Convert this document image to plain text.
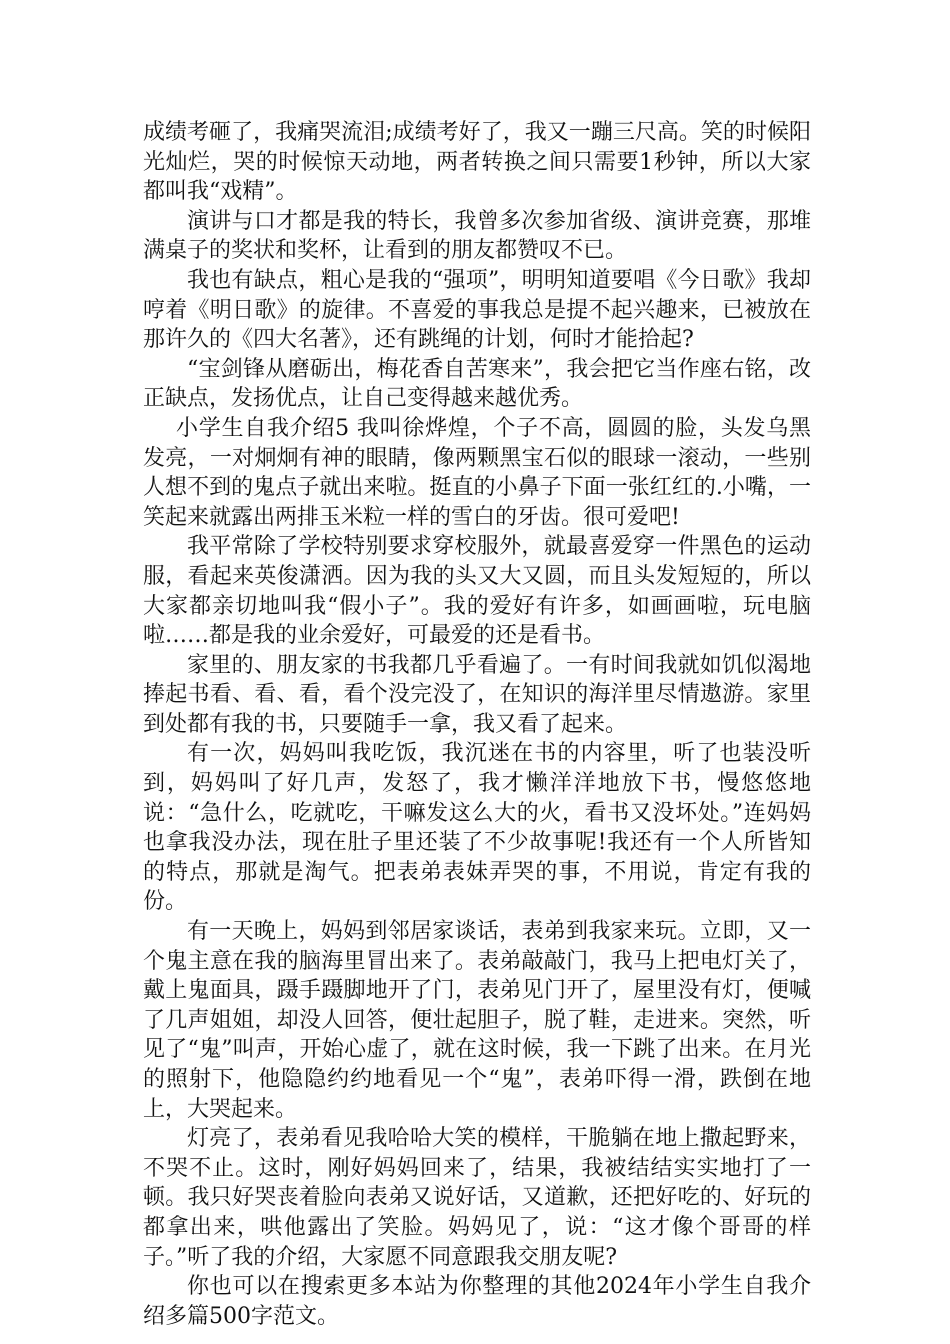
成绩考砸了，我痛哭流泪;成绩考好了，我又一蹦三尺高。笑的时候阳光灿烂，哭的时候惊天动地，两者转换之间只需要1秒钟，所以大家都叫我“戏精”。

演讲与口才都是我的特长，我曾多次参加省级、演讲竞赛，那堆满桌子的奖状和奖杯，让看到的朋友都赞叹不已。

我也有缺点，粗心是我的“强项”，明明知道要唱《今日歌》我却哼着《明日歌》的旋律。不喜爱的事我总是提不起兴趣来，已被放在那许久的《四大名著》，还有跳绳的计划，何时才能拾起?

“宝剑锋从磨砺出，梅花香自苦寒来”，我会把它当作座右铭，改正缺点，发扬优点，让自己变得越来越优秀。

小学生自我介绍5 我叫徐烨煌，个子不高，圆圆的脸，头发乌黑发亮，一对炯炯有神的眼睛，像两颗黑宝石似的眼球一滚动，一些别人想不到的鬼点子就出来啦。挺直的小鼻子下面一张红红的.小嘴，一笑起来就露出两排玉米粒一样的雪白的牙齿。很可爱吧!

我平常除了学校特别要求穿校服外，就最喜爱穿一件黑色的运动服，看起来英俊潇洒。因为我的头又大又圆，而且头发短短的，所以大家都亲切地叫我“假小子”。我的爱好有许多，如画画啦，玩电脑啦……都是我的业余爱好，可最爱的还是看书。

家里的、朋友家的书我都几乎看遍了。一有时间我就如饥似渴地捧起书看、看、看，看个没完没了，在知识的海洋里尽情遨游。家里到处都有我的书，只要随手一拿，我又看了起来。

有一次，妈妈叫我吃饭，我沉迷在书的内容里，听了也装没听到，妈妈叫了好几声，发怒了，我才懒洋洋地放下书，慢悠悠地说：“急什么，吃就吃，干嘛发这么大的火，看书又没坏处。”连妈妈也拿我没办法，现在肚子里还装了不少故事呢!我还有一个人所皆知的特点，那就是淘气。把表弟表妹弄哭的事，不用说，肯定有我的份。

有一天晚上，妈妈到邻居家谈话，表弟到我家来玩。立即，又一个鬼主意在我的脑海里冒出来了。表弟敲敲门，我马上把电灯关了，戴上鬼面具，蹑手蹑脚地开了门，表弟见门开了，屋里没有灯，便喊了几声姐姐，却没人回答，便壮起胆子，脱了鞋，走进来。突然，听见了“鬼”叫声，开始心虚了，就在这时候，我一下跳了出来。在月光的照射下，他隐隐约约地看见一个“鬼”，表弟吓得一滑，跌倒在地上，大哭起来。

灯亮了，表弟看见我哈哈大笑的模样，干脆躺在地上撒起野来，不哭不止。这时，刚好妈妈回来了，结果，我被结结实实地打了一顿。我只好哭丧着脸向表弟又说好话，又道歉，还把好吃的、好玩的都拿出来，哄他露出了笑脸。妈妈见了，说：“这才像个哥哥的样子。”听了我的介绍，大家愿不同意跟我交朋友呢?

你也可以在搜索更多本站为你整理的其他2024年小学生自我介绍多篇500字范文。
